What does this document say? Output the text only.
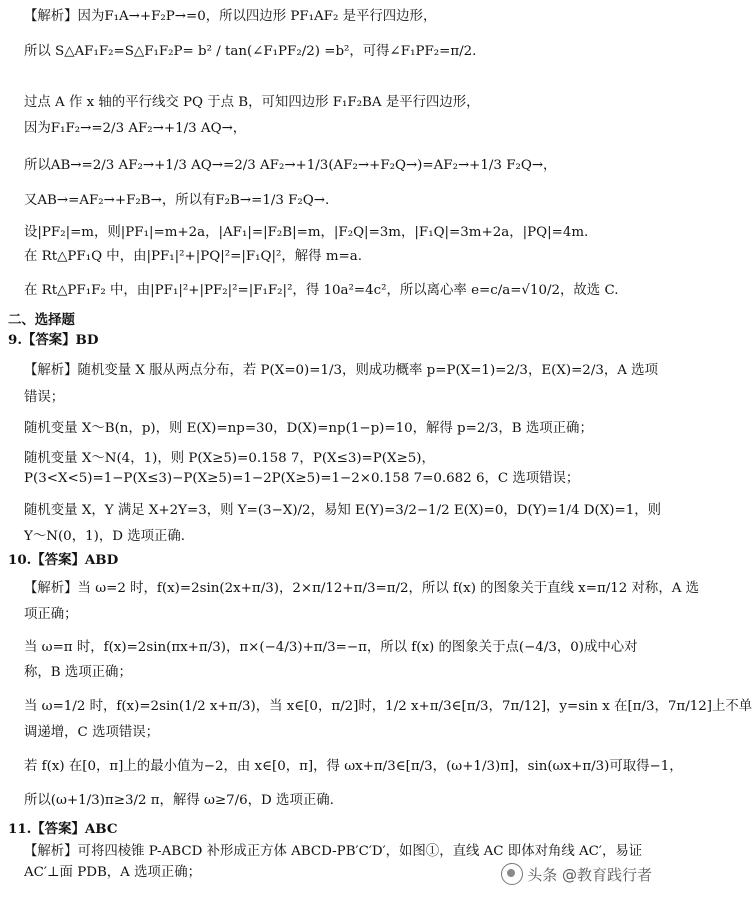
【解析】因为F₁A→+F₂P→=0，所以四边形 PF₁AF₂ 是平行四边形，
所以 S△AF₁F₂=S△F₁F₂P= b² / tan(∠F₁PF₂/2) =b²，可得∠F₁PF₂=π/2.
过点 A 作 x 轴的平行线交 PQ 于点 B，可知四边形 F₁F₂BA 是平行四边形，
因为F₁F₂→=2/3 AF₂→+1/3 AQ→，
所以AB→=2/3 AF₂→+1/3 AQ→=2/3 AF₂→+1/3(AF₂→+F₂Q→)=AF₂→+1/3 F₂Q→，
又AB→=AF₂→+F₂B→，所以有F₂B→=1/3 F₂Q→.
设|PF₂|=m，则|PF₁|=m+2a，|AF₁|=|F₂B|=m，|F₂Q|=3m，|F₁Q|=3m+2a，|PQ|=4m.
在 Rt△PF₁Q 中，由|PF₁|²+|PQ|²=|F₁Q|²，解得 m=a.
在 Rt△PF₁F₂ 中，由|PF₁|²+|PF₂|²=|F₁F₂|²，得 10a²=4c²，所以离心率 e=c/a=√10/2，故选 C.
二、选择题
9.【答案】BD
【解析】随机变量 X 服从两点分布，若 P(X=0)=1/3，则成功概率 p=P(X=1)=2/3，E(X)=2/3，A 选项
错误；
随机变量 X～B(n，p)，则 E(X)=np=30，D(X)=np(1−p)=10，解得 p=2/3，B 选项正确；
随机变量 X～N(4，1)，则 P(X≥5)=0.158 7，P(X≤3)=P(X≥5)，
P(3<X<5)=1−P(X≤3)−P(X≥5)=1−2P(X≥5)=1−2×0.158 7=0.682 6，C 选项错误；
随机变量 X，Y 满足 X+2Y=3，则 Y=(3−X)/2，易知 E(Y)=3/2−1/2 E(X)=0，D(Y)=1/4 D(X)=1，则
Y～N(0，1)，D 选项正确.
10.【答案】ABD
【解析】当 ω=2 时，f(x)=2sin(2x+π/3)，2×π/12+π/3=π/2，所以 f(x) 的图象关于直线 x=π/12 对称，A 选
项正确；
当 ω=π 时，f(x)=2sin(πx+π/3)，π×(−4/3)+π/3=−π，所以 f(x) 的图象关于点(−4/3，0)成中心对
称，B 选项正确；
当 ω=1/2 时，f(x)=2sin(1/2 x+π/3)，当 x∈[0，π/2]时，1/2 x+π/3∈[π/3，7π/12]，y=sin x 在[π/3，7π/12]上不单
调递增，C 选项错误；
若 f(x) 在[0，π]上的最小值为−2，由 x∈[0，π]，得 ωx+π/3∈[π/3，(ω+1/3)π]，sin(ωx+π/3)可取得−1，
所以(ω+1/3)π≥3/2 π，解得 ω≥7/6，D 选项正确.
11.【答案】ABC
【解析】可将四棱锥 P-ABCD 补形成正方体 ABCD-PB′C′D′，如图①，直线 AC 即体对角线 AC′，易证
AC′⊥面 PDB，A 选项正确；	头条 @教育践行者
